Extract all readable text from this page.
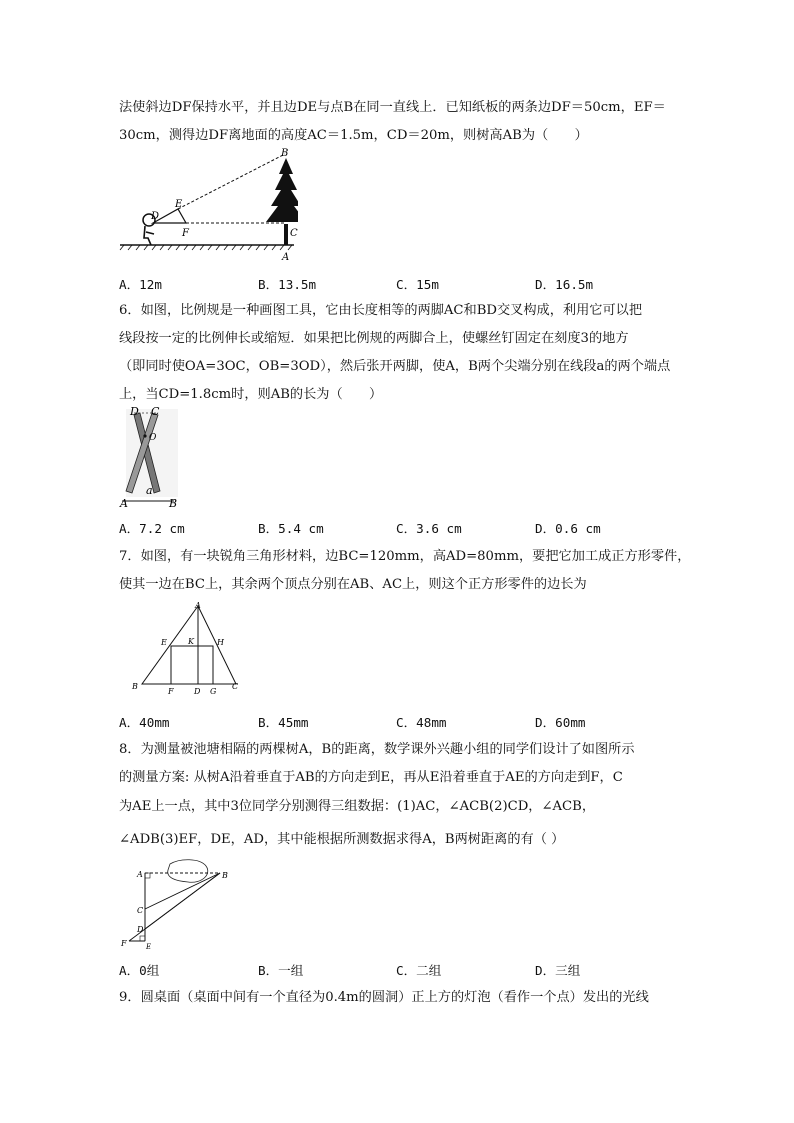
法使斜边DF保持水平，并且边DE与点B在同一直线上．已知纸板的两条边DF＝50cm，EF＝
30cm，测得边DF离地面的高度AC＝1.5m，CD＝20m，则树高AB为（　　）
B
E
D
F	C
A
A．12m	B．13.5m	C．15m	D．16.5m
6．如图，比例规是一种画图工具，它由长度相等的两脚AC和BD交叉构成，利用它可以把
线段按一定的比例伸长或缩短．如果把比例规的两脚合上，使螺丝钉固定在刻度3的地方
（即同时使OA=3OC，OB=3OD），然后张开两脚，使A，B两个尖端分别在线段a的两个端点
上，当CD=1.8cm时，则AB的长为（　　）
D C
O
A
a
B
A．7.2 cm	B．5.4 cm	C．3.6 cm	D．0.6 cm
7．如图，有一块锐角三角形材料，边BC=120mm，高AD=80mm，要把它加工成正方形零件，
使其一边在BC上，其余两个顶点分别在AB、AC上，则这个正方形零件的边长为
A
E	K	H
B
F	D G
C
A．40mm	B．45mm	C．48mm	D．60mm
8．为测量被池塘相隔的两棵树A，B的距离，数学课外兴趣小组的同学们设计了如图所示
的测量方案: 从树A沿着垂直于AB的方向走到E，再从E沿着垂直于AE的方向走到F，C
为AE上一点，其中3位同学分别测得三组数据：(1)AC，∠ACB(2)CD，∠ACB，
∠ADB(3)EF，DE，AD，其中能根据所测数据求得A，B两树距离的有（ ）
A	B
C
D
F	E
A．0组	B．一组	C．二组	D．三组
9．圆桌面（桌面中间有一个直径为0.4m的圆洞）正上方的灯泡（看作一个点）发出的光线
